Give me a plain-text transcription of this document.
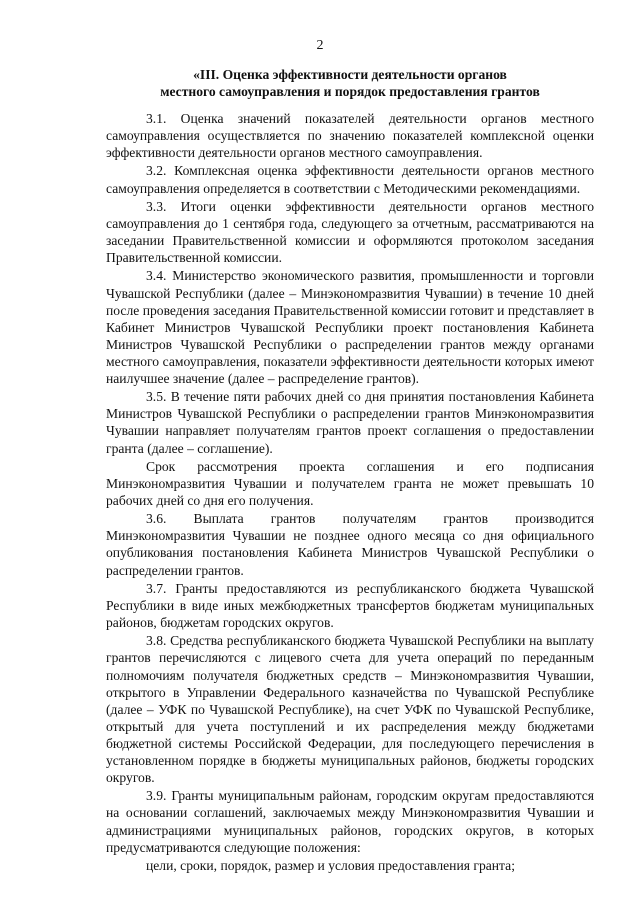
2
«III. Оценка эффективности деятельности органов
местного самоуправления и порядок предоставления грантов

3.1. Оценка значений показателей деятельности органов местного самоуправления осуществляется по значению показателей комплексной оценки эффективности деятельности органов местного самоуправления.

3.2. Комплексная оценка эффективности деятельности органов местного самоуправления определяется в соответствии с Методическими рекомендациями.

3.3. Итоги оценки эффективности деятельности органов местного самоуправления до 1 сентября года, следующего за отчетным, рассматриваются на заседании Правительственной комиссии и оформляются протоколом заседания Правительственной комиссии.

3.4. Министерство экономического развития, промышленности и торговли Чувашской Республики (далее – Минэкономразвития Чувашии) в течение 10 дней после проведения заседания Правительственной комиссии готовит и представляет в Кабинет Министров Чувашской Республики проект постановления Кабинета Министров Чувашской Республики о распределении грантов между органами местного самоуправления, показатели эффективности деятельности которых имеют наилучшее значение (далее – распределение грантов).

3.5. В течение пяти рабочих дней со дня принятия постановления Кабинета Министров Чувашской Республики о распределении грантов Минэкономразвития Чувашии направляет получателям грантов проект соглашения о предоставлении гранта (далее – соглашение).

Срок рассмотрения проекта соглашения и его подписания Минэкономразвития Чувашии и получателем гранта не может превышать 10 рабочих дней со дня его получения.

3.6. Выплата грантов получателям грантов производится Минэкономразвития Чувашии не позднее одного месяца со дня официального опубликования постановления Кабинета Министров Чувашской Республики о распределении грантов.

3.7. Гранты предоставляются из республиканского бюджета Чувашской Республики в виде иных межбюджетных трансфертов бюджетам муниципальных районов, бюджетам городских округов.

3.8. Средства республиканского бюджета Чувашской Республики на выплату грантов перечисляются с лицевого счета для учета операций по переданным полномочиям получателя бюджетных средств – Минэкономразвития Чувашии, открытого в Управлении Федерального казначейства по Чувашской Республике (далее – УФК по Чувашской Республике), на счет УФК по Чувашской Республике, открытый для учета поступлений и их распределения между бюджетами бюджетной системы Российской Федерации, для последующего перечисления в установленном порядке в бюджеты муниципальных районов, бюджеты городских округов.

3.9. Гранты муниципальным районам, городским округам предоставляются на основании соглашений, заключаемых между Минэкономразвития Чувашии и администрациями муниципальных районов, городских округов, в которых предусматриваются следующие положения:

цели, сроки, порядок, размер и условия предоставления гранта;
